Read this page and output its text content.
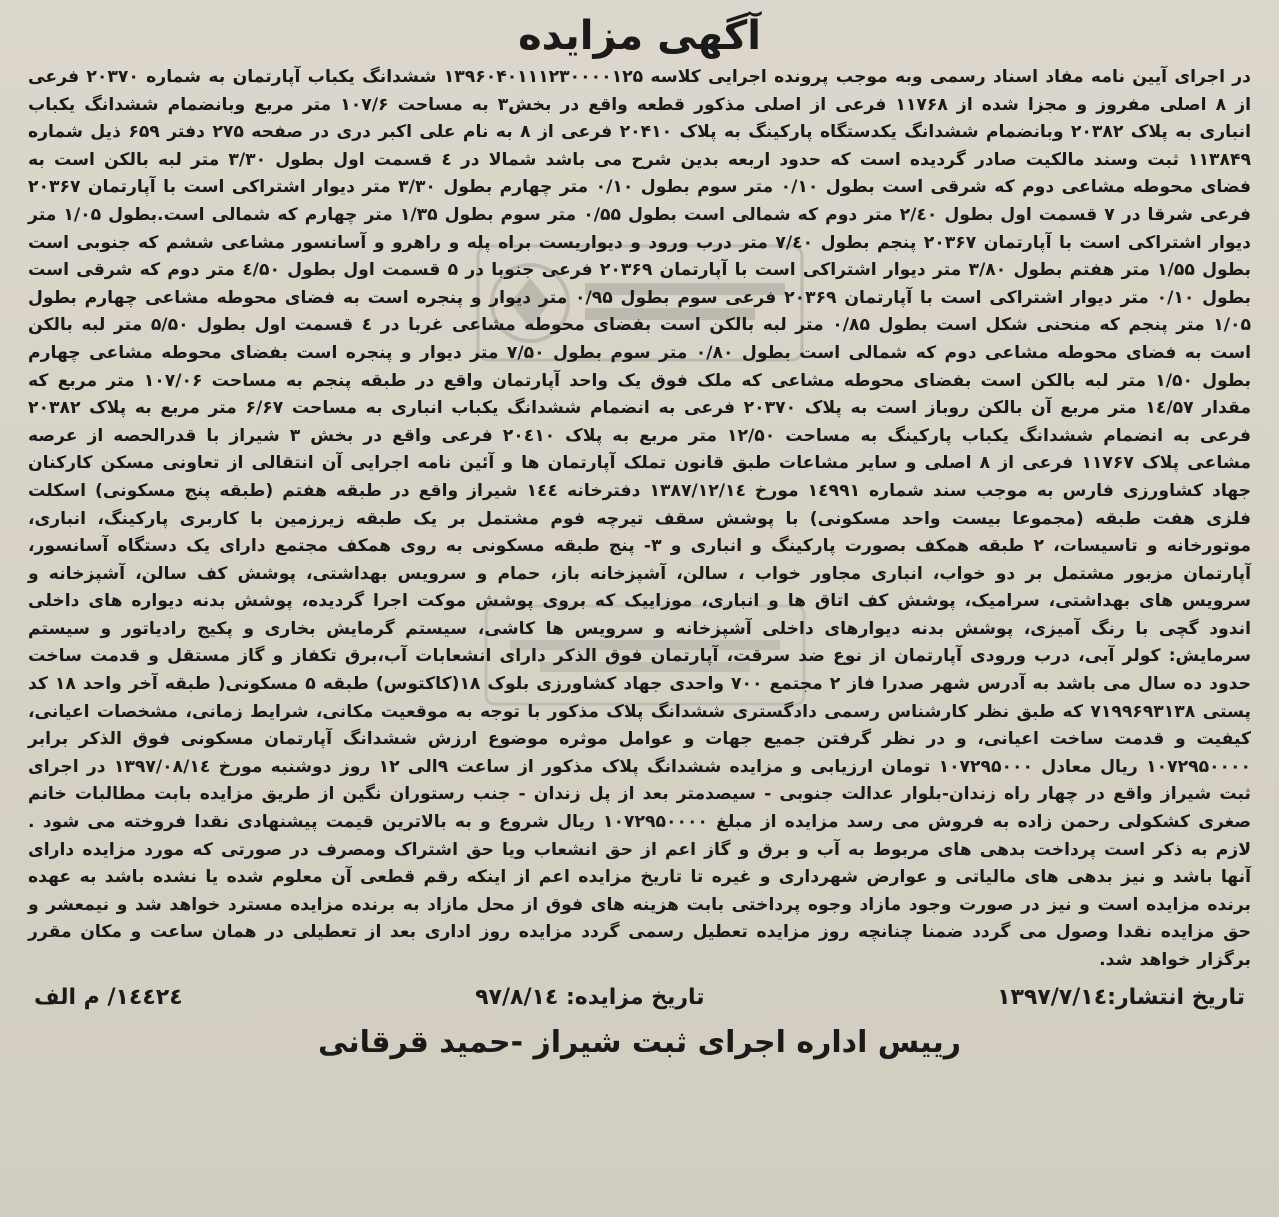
آگهی مزایده

در اجرای آیین نامه مفاد اسناد رسمی وبه موجب پرونده اجرایی کلاسه ۱۳۹۶۰۴۰۱۱۱۲۳۰۰۰۰۱۲۵ ششدانگ یکباب آپارتمان به شماره ۲۰۳۷۰ فرعی از ۸ اصلی مفروز و مجزا شده از ۱۱۷۶۸ فرعی از اصلی مذکور قطعه واقع در بخش۳ به مساحت ۱۰۷/۶ متر مربع وبانضمام ششدانگ یکباب انباری به پلاک ۲۰۳۸۲ وبانضمام ششدانگ یکدستگاه پارکینگ به پلاک ۲۰۴۱۰ فرعی از ۸ به نام علی اکبر دری در صفحه ۲۷۵ دفتر ۶۵۹ ذیل شماره ۱۱۳۸۴۹ ثبت وسند مالکیت صادر گردیده است که حدود اربعه بدین شرح می باشد شمالا در ٤ قسمت اول بطول ۳/۳۰ متر لبه بالکن است به فضای محوطه مشاعی دوم که شرقی است بطول ۰/۱۰ متر سوم بطول ۰/۱۰ متر چهارم بطول ۳/۳۰ متر دیوار اشتراکی است با آپارتمان ۲۰۳۶۷ فرعی شرقا در ۷ قسمت اول بطول ۲/٤۰ متر دوم که شمالی است بطول ۰/۵۵ متر سوم بطول ۱/۳۵ متر چهارم که شمالی است.بطول ۱/۰۵ متر دیوار اشتراکی است با آپارتمان ۲۰۳۶۷ پنجم بطول ۷/٤۰ متر درب ورود و دیواریست براه پله و راهرو و آسانسور مشاعی ششم که جنوبی است بطول ۱/۵۵ متر هفتم بطول ۳/۸۰ متر دیوار اشتراکی است با آپارتمان ۲۰۳۶۹ فرعی جنوبا در ۵ قسمت اول بطول ٤/۵۰ متر دوم که شرقی است بطول ۰/۱۰ متر دیوار اشتراکی است با آپارتمان ۲۰۳۶۹ فرعی سوم بطول ۰/۹۵ متر دیوار و پنجره است به فضای محوطه مشاعی چهارم بطول ۱/۰۵ متر پنجم که منحنی شکل است بطول ۰/۸۵ متر لبه بالکن است بفضای محوطه مشاعی غربا در ٤ قسمت اول بطول ۵/۵۰ متر لبه بالکن است به فضای محوطه مشاعی دوم که شمالی است بطول ۰/۸۰ متر سوم بطول ۷/۵۰ متر دیوار و پنجره است بفضای محوطه مشاعی چهارم بطول ۱/۵۰ متر لبه بالکن است بفضای محوطه مشاعی که ملک فوق یک واحد آپارتمان واقع در طبقه پنجم به مساحت ۱۰۷/۰۶ متر مربع که مقدار ۱٤/۵۷ متر مربع آن بالکن روباز است به پلاک ۲۰۳۷۰ فرعی به انضمام ششدانگ یکباب انباری به مساحت ۶/۶۷ متر مربع به پلاک ۲۰۳۸۲ فرعی به انضمام ششدانگ یکباب پارکینگ به مساحت ۱۲/۵۰ متر مربع به پلاک ۲۰٤۱۰ فرعی واقع در بخش ۳ شیراز با قدرالحصه از عرصه مشاعی پلاک ۱۱۷۶۷ فرعی از ۸ اصلی و سایر مشاعات طبق قانون تملک آپارتمان ها و آئین نامه اجرایی آن انتقالی از تعاونی مسکن کارکنان جهاد کشاورزی فارس به موجب سند شماره ۱٤۹۹۱ مورخ ۱۳۸۷/۱۲/۱٤ دفترخانه ۱٤٤ شیراز واقع در طبقه هفتم (طبقه پنج مسکونی) اسکلت فلزی هفت طبقه (مجموعا بیست واحد مسکونی) با پوشش سقف تیرچه فوم مشتمل بر یک طبقه زیرزمین با کاربری پارکینگ، انباری، موتورخانه و تاسیسات، ۲ طبقه همکف بصورت پارکینگ و انباری و ۳- پنج طبقه مسکونی به روی همکف مجتمع دارای یک دستگاه آسانسور، آپارتمان مزبور مشتمل بر دو خواب، انباری مجاور خواب ، سالن، آشپزخانه باز، حمام و سرویس بهداشتی، پوشش کف سالن، آشپزخانه و سرویس های بهداشتی، سرامیک، پوشش کف اتاق ها و انباری، موزاییک که بروی پوشش موکت اجرا گردیده، پوشش بدنه دیواره های داخلی اندود گچی با رنگ آمیزی، پوشش بدنه دیوارهای داخلی آشپزخانه و سرویس ها کاشی، سیستم گرمایش بخاری و پکیج رادیاتور و سیستم سرمایش: کولر آبی، درب ورودی آپارتمان از نوع ضد سرقت، آپارتمان فوق الذکر دارای انشعابات آب،برق تکفاز و گاز مستقل و قدمت ساخت حدود ده سال می باشد به آدرس شهر صدرا فاز ۲ مجتمع ۷۰۰ واحدی جهاد کشاورزی بلوک ۱۸(کاکتوس) طبقه ۵ مسکونی( طبقه آخر واحد ۱۸ کد پستی ۷۱۹۹۶۹۳۱۳۸ که طبق نظر کارشناس رسمی دادگستری ششدانگ پلاک مذکور با توجه به موقعیت مکانی، شرایط زمانی، مشخصات اعیانی، کیفیت و قدمت ساخت اعیانی، و در نظر گرفتن جمیع جهات و عوامل موثره موضوع ارزش ششدانگ آپارتمان مسکونی فوق الذکر برابر ۱۰۷۲۹۵۰۰۰۰ ریال معادل ۱۰۷۲۹۵۰۰۰ تومان ارزیابی و مزایده ششدانگ پلاک مذکور از ساعت ۹الی ۱۲ روز دوشنبه مورخ ۱۳۹۷/۰۸/۱٤ در اجرای ثبت شیراز واقع در چهار راه زندان-بلوار عدالت جنوبی - سیصدمتر بعد از پل زندان - جنب رستوران نگین از طریق مزایده بابت مطالبات خانم صغری کشکولی رحمن زاده به فروش می رسد مزایده از مبلغ ۱۰۷۲۹۵۰۰۰۰ ریال شروع و به بالاترین قیمت پیشنهادی نقدا فروخته می شود . لازم به ذکر است پرداخت بدهی های مربوط به آب و برق و گاز اعم از حق انشعاب ویا حق اشتراک ومصرف در صورتی که مورد مزایده دارای آنها باشد و نیز بدهی های مالیاتی و عوارض شهرداری و غیره تا تاریخ مزایده اعم از اینکه رقم قطعی آن معلوم شده یا نشده باشد به عهده برنده مزایده است و نیز در صورت وجود مازاد وجوه پرداختی بابت هزینه های فوق از محل مازاد به برنده مزایده مسترد خواهد شد و نیمعشر و حق مزایده نقدا وصول می گردد ضمنا چنانچه روز مزایده تعطیل رسمی گردد مزایده روز اداری بعد از تعطیلی در همان ساعت و مکان مقرر برگزار خواهد شد.

تاریخ انتشار:۱۳۹۷/۷/۱٤
تاریخ مزایده: ۹۷/۸/۱٤
۱٤٤۲٤/ م الف
رییس اداره اجرای ثبت شیراز -حمید قرقانی
